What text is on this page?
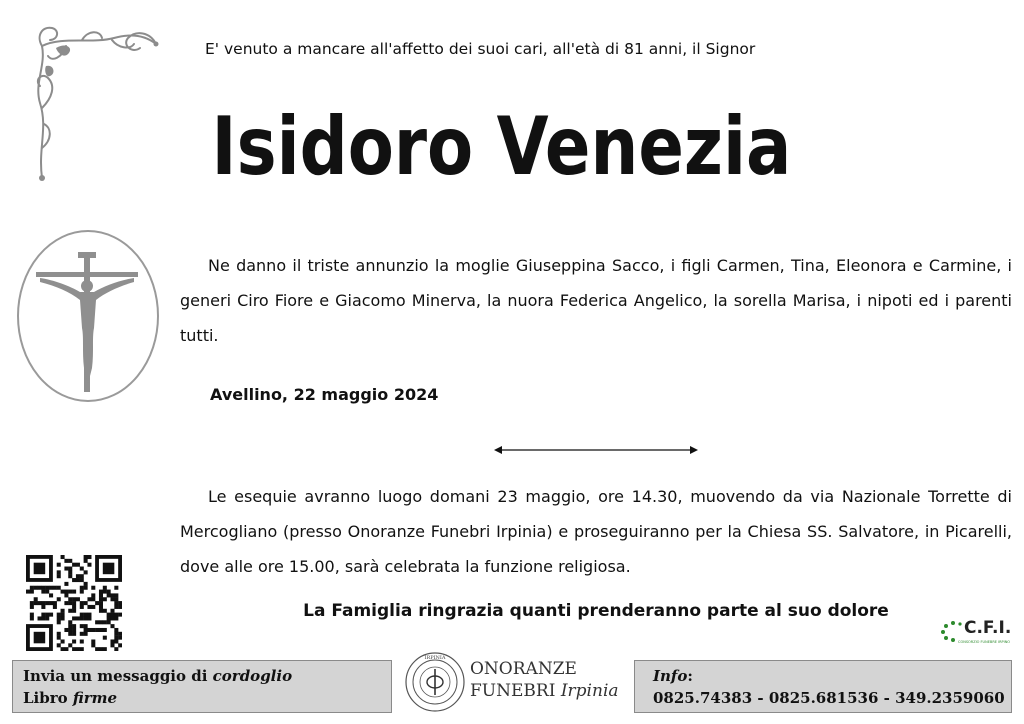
E' venuto a mancare all'affetto dei suoi cari, all'età di 81 anni, il Signor
Isidoro Venezia
Ne danno il triste annunzio la moglie Giuseppina Sacco, i figli Carmen, Tina, Eleonora e Carmine, i generi Ciro Fiore e Giacomo Minerva, la nuora Federica Angelico, la sorella Marisa, i nipoti ed i parenti tutti.
Avellino, 22 maggio 2024
Le esequie avranno luogo domani 23 maggio, ore 14.30, muovendo da via Nazionale Torrette di Mercogliano (presso Onoranze Funebri Irpinia) e proseguiranno per la Chiesa SS. Salvatore, in Picarelli, dove alle ore 15.00, sarà celebrata la funzione religiosa.
La Famiglia ringrazia quanti prenderanno parte al suo dolore
C.F.I.
CONSORZIO FUNEBRE IRPINO
Invia un messaggio di cordoglio
Libro firme
IRPINIA
ONORANZE
FUNEBRI Irpinia
Info:
0825.74383 - 0825.681536 - 349.2359060
